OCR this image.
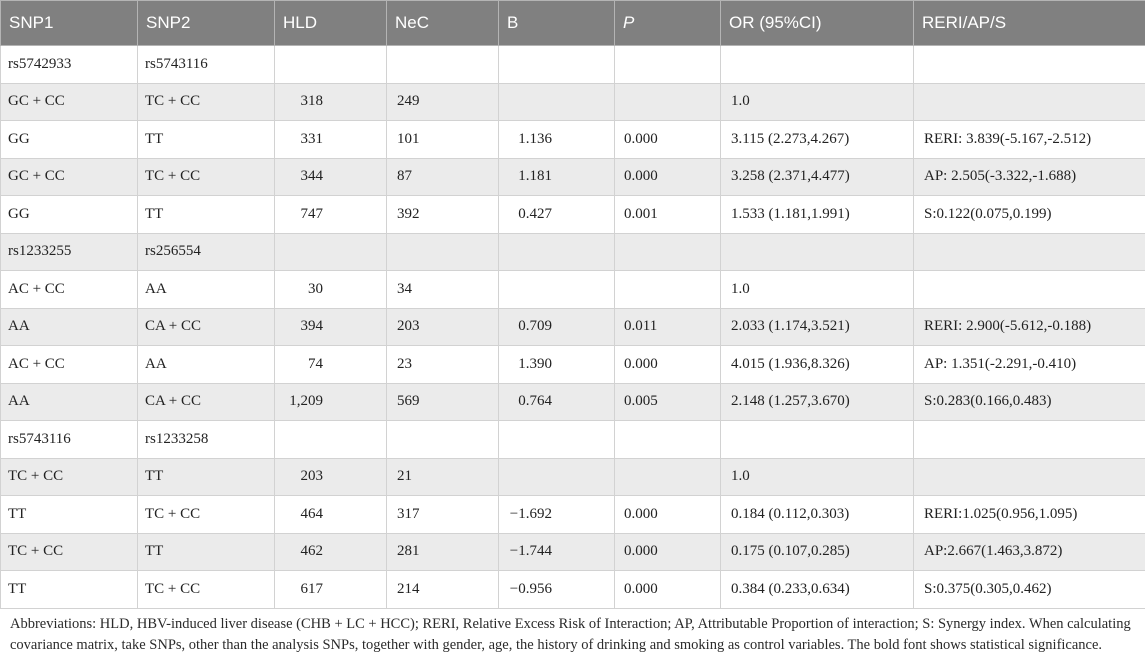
SNP1	SNP2	HLD	NeC	B	P	OR (95%CI)	RERI/AP/S
rs5742933	rs5743116						
GC + CC	TC + CC	318	249			1.0	
GG	TT	331	101	1.136	0.000	3.115 (2.273,4.267)	RERI: 3.839(-5.167,-2.512)
GC + CC	TC + CC	344	87	1.181	0.000	3.258 (2.371,4.477)	AP: 2.505(-3.322,-1.688)
GG	TT	747	392	0.427	0.001	1.533 (1.181,1.991)	S:0.122(0.075,0.199)
rs1233255	rs256554						
AC + CC	AA	30	34			1.0	
AA	CA + CC	394	203	0.709	0.011	2.033 (1.174,3.521)	RERI: 2.900(-5.612,-0.188)
AC + CC	AA	74	23	1.390	0.000	4.015 (1.936,8.326)	AP: 1.351(-2.291,-0.410)
AA	CA + CC	1,209	569	0.764	0.005	2.148 (1.257,3.670)	S:0.283(0.166,0.483)
rs5743116	rs1233258						
TC + CC	TT	203	21			1.0	
TT	TC + CC	464	317	−1.692	0.000	0.184 (0.112,0.303)	RERI:1.025(0.956,1.095)
TC + CC	TT	462	281	−1.744	0.000	0.175 (0.107,0.285)	AP:2.667(1.463,3.872)
TT	TC + CC	617	214	−0.956	0.000	0.384 (0.233,0.634)	S:0.375(0.305,0.462)
Abbreviations: HLD, HBV-induced liver disease (CHB + LC + HCC); RERI, Relative Excess Risk of Interaction; AP, Attributable Proportion of interaction; S: Synergy index. When calculating covariance matrix, take SNPs, other than the analysis SNPs, together with gender, age, the history of drinking and smoking as control variables. The bold font shows statistical significance.
